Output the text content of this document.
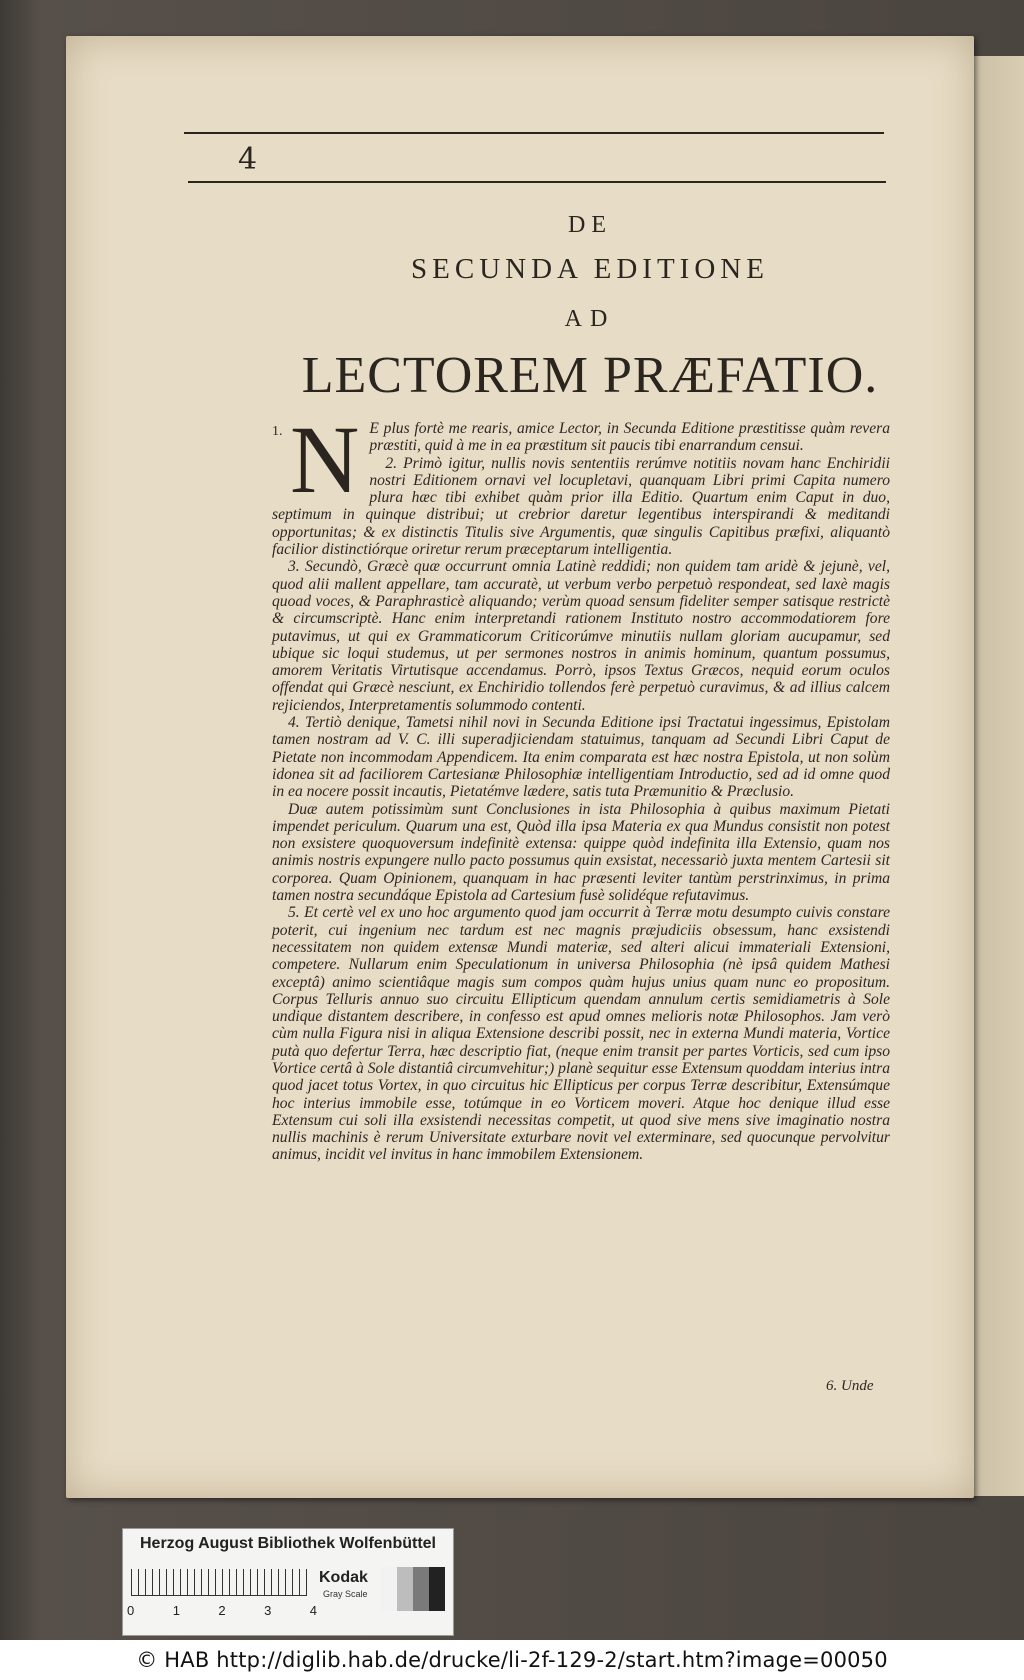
4
DE
SECUNDA EDITIONE
AD
LECTOREM PRÆFATIO.

N E plus fortè me rearis, amice Lector, in Secunda Editione præstitisse quàm revera præstiti, quid à me in ea præstitum sit paucis tibi enarrandum censui.

2. Primò igitur, nullis novis sententiis rerúmve notitiis novam hanc Enchiridii nostri Editionem ornavi vel locupletavi, quanquam Libri primi Capita numero plura hæc tibi exhibet quàm prior illa Editio. Quartum enim Caput in duo, septimum in quinque distribui; ut crebrior daretur legentibus interspirandi & meditandi opportunitas; & ex distinctis Titulis sive Argumentis, quæ singulis Capitibus præfixi, aliquantò facilior distinctiórque oriretur rerum præceptarum intelligentia.

3. Secundò, Græcè quæ occurrunt omnia Latinè reddidi; non quidem tam aridè & jejunè, vel, quod alii mallent appellare, tam accuratè, ut verbum verbo perpetuò respondeat, sed laxè magis quoad voces, & Paraphrasticè aliquando; verùm quoad sensum fideliter semper satisque restrictè & circumscriptè. Hanc enim interpretandi rationem Instituto nostro accommodatiorem fore putavimus, ut qui ex Grammaticorum Criticorúmve minutiis nullam gloriam aucupamur, sed ubique sic loqui studemus, ut per sermones nostros in animis hominum, quantum possumus, amorem Veritatis Virtutisque accendamus. Porrò, ipsos Textus Græcos, nequid eorum oculos offendat qui Græcè nesciunt, ex Enchiridio tollendos ferè perpetuò curavimus, & ad illius calcem rejiciendos, Interpretamentis solummodo contenti.

4. Tertiò denique, Tametsi nihil novi in Secunda Editione ipsi Tractatui ingessimus, Epistolam tamen nostram ad V. C. illi superadjiciendam statuimus, tanquam ad Secundi Libri Caput de Pietate non incommodam Appendicem. Ita enim comparata est hæc nostra Epistola, ut non solùm idonea sit ad faciliorem Cartesianæ Philosophiæ intelligentiam Introductio, sed ad id omne quod in ea nocere possit incautis, Pietatémve lædere, satis tuta Præmunitio & Præclusio.

Duæ autem potissimùm sunt Conclusiones in ista Philosophia à quibus maximum Pietati impendet periculum. Quarum una est, Quòd illa ipsa Materia ex qua Mundus consistit non potest non exsistere quoquoversum indefinitè extensa: quippe quòd indefinita illa Extensio, quam nos animis nostris expungere nullo pacto possumus quin exsistat, necessariò juxta mentem Cartesii sit corporea. Quam Opinionem, quanquam in hac præsenti leviter tantùm perstrinximus, in prima tamen nostra secundáque Epistola ad Cartesium fusè solidéque refutavimus.

5. Et certè vel ex uno hoc argumento quod jam occurrit à Terræ motu desumpto cuivis constare poterit, cui ingenium nec tardum est nec magnis præjudiciis obsessum, hanc exsistendi necessitatem non quidem extensæ Mundi materiæ, sed alteri alicui immateriali Extensioni, competere. Nullarum enim Speculationum in universa Philosophia (nè ipsâ quidem Mathesi exceptâ) animo scientiâque magis sum compos quàm hujus unius quam nunc eo propositum. Corpus Telluris annuo suo circuitu Ellipticum quendam annulum certis semidiametris à Sole undique distantem describere, in confesso est apud omnes melioris notæ Philosophos. Jam verò cùm nulla Figura nisi in aliqua Extensione describi possit, nec in externa Mundi materia, Vortice putà quo defertur Terra, hæc descriptio fiat, (neque enim transit per partes Vorticis, sed cum ipso Vortice certâ à Sole distantiâ circumvehitur;) planè sequitur esse Extensum quoddam interius intra quod jacet totus Vortex, in quo circuitus hic Ellipticus per corpus Terræ describitur, Extensúmque hoc interius immobile esse, totúmque in eo Vorticem moveri. Atque hoc denique illud esse Extensum cui soli illa exsistendi necessitas competit, ut quod sive mens sive imaginatio nostra nullis machinis è rerum Universitate exturbare novit vel exterminare, sed quocunque pervolvitur animus, incidit vel invitus in hanc immobilem Extensionem.

1.
6. Unde
Herzog August Bibliothek Wolfenbüttel
0	1	2	3	4
Kodak
Gray Scale
© HAB http://diglib.hab.de/drucke/li-2f-129-2/start.htm?image=00050
